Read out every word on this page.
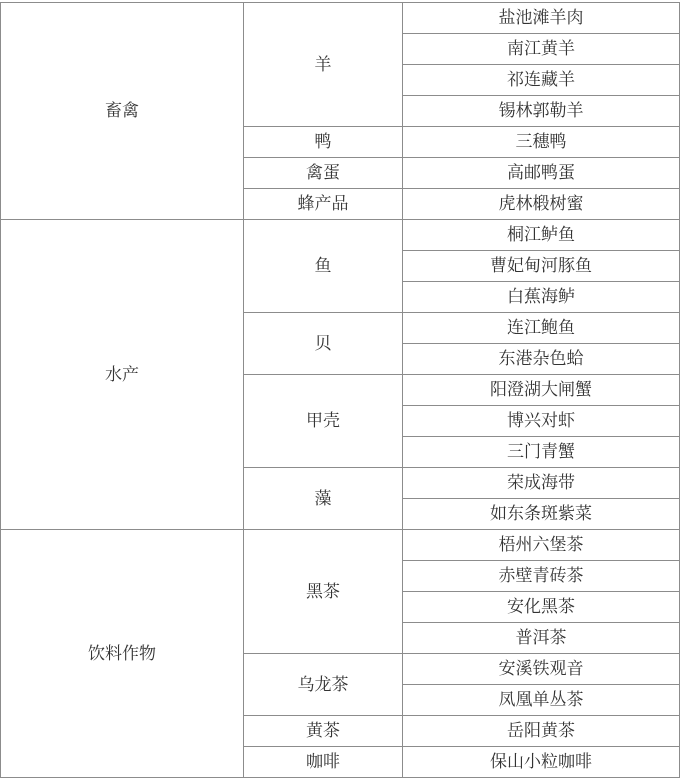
畜禽	羊	盐池滩羊肉
		南江黄羊
		祁连藏羊
		锡林郭勒羊
	鸭	三穗鸭
	禽蛋	高邮鸭蛋
	蜂产品	虎林椴树蜜
水产	鱼	桐江鲈鱼
		曹妃甸河豚鱼
		白蕉海鲈
	贝	连江鲍鱼
		东港杂色蛤
	甲壳	阳澄湖大闸蟹
		博兴对虾
		三门青蟹
	藻	荣成海带
		如东条斑紫菜
饮料作物	黑茶	梧州六堡茶
		赤壁青砖茶
		安化黑茶
		普洱茶
	乌龙茶	安溪铁观音
		凤凰单丛茶
	黄茶	岳阳黄茶
	咖啡	保山小粒咖啡
